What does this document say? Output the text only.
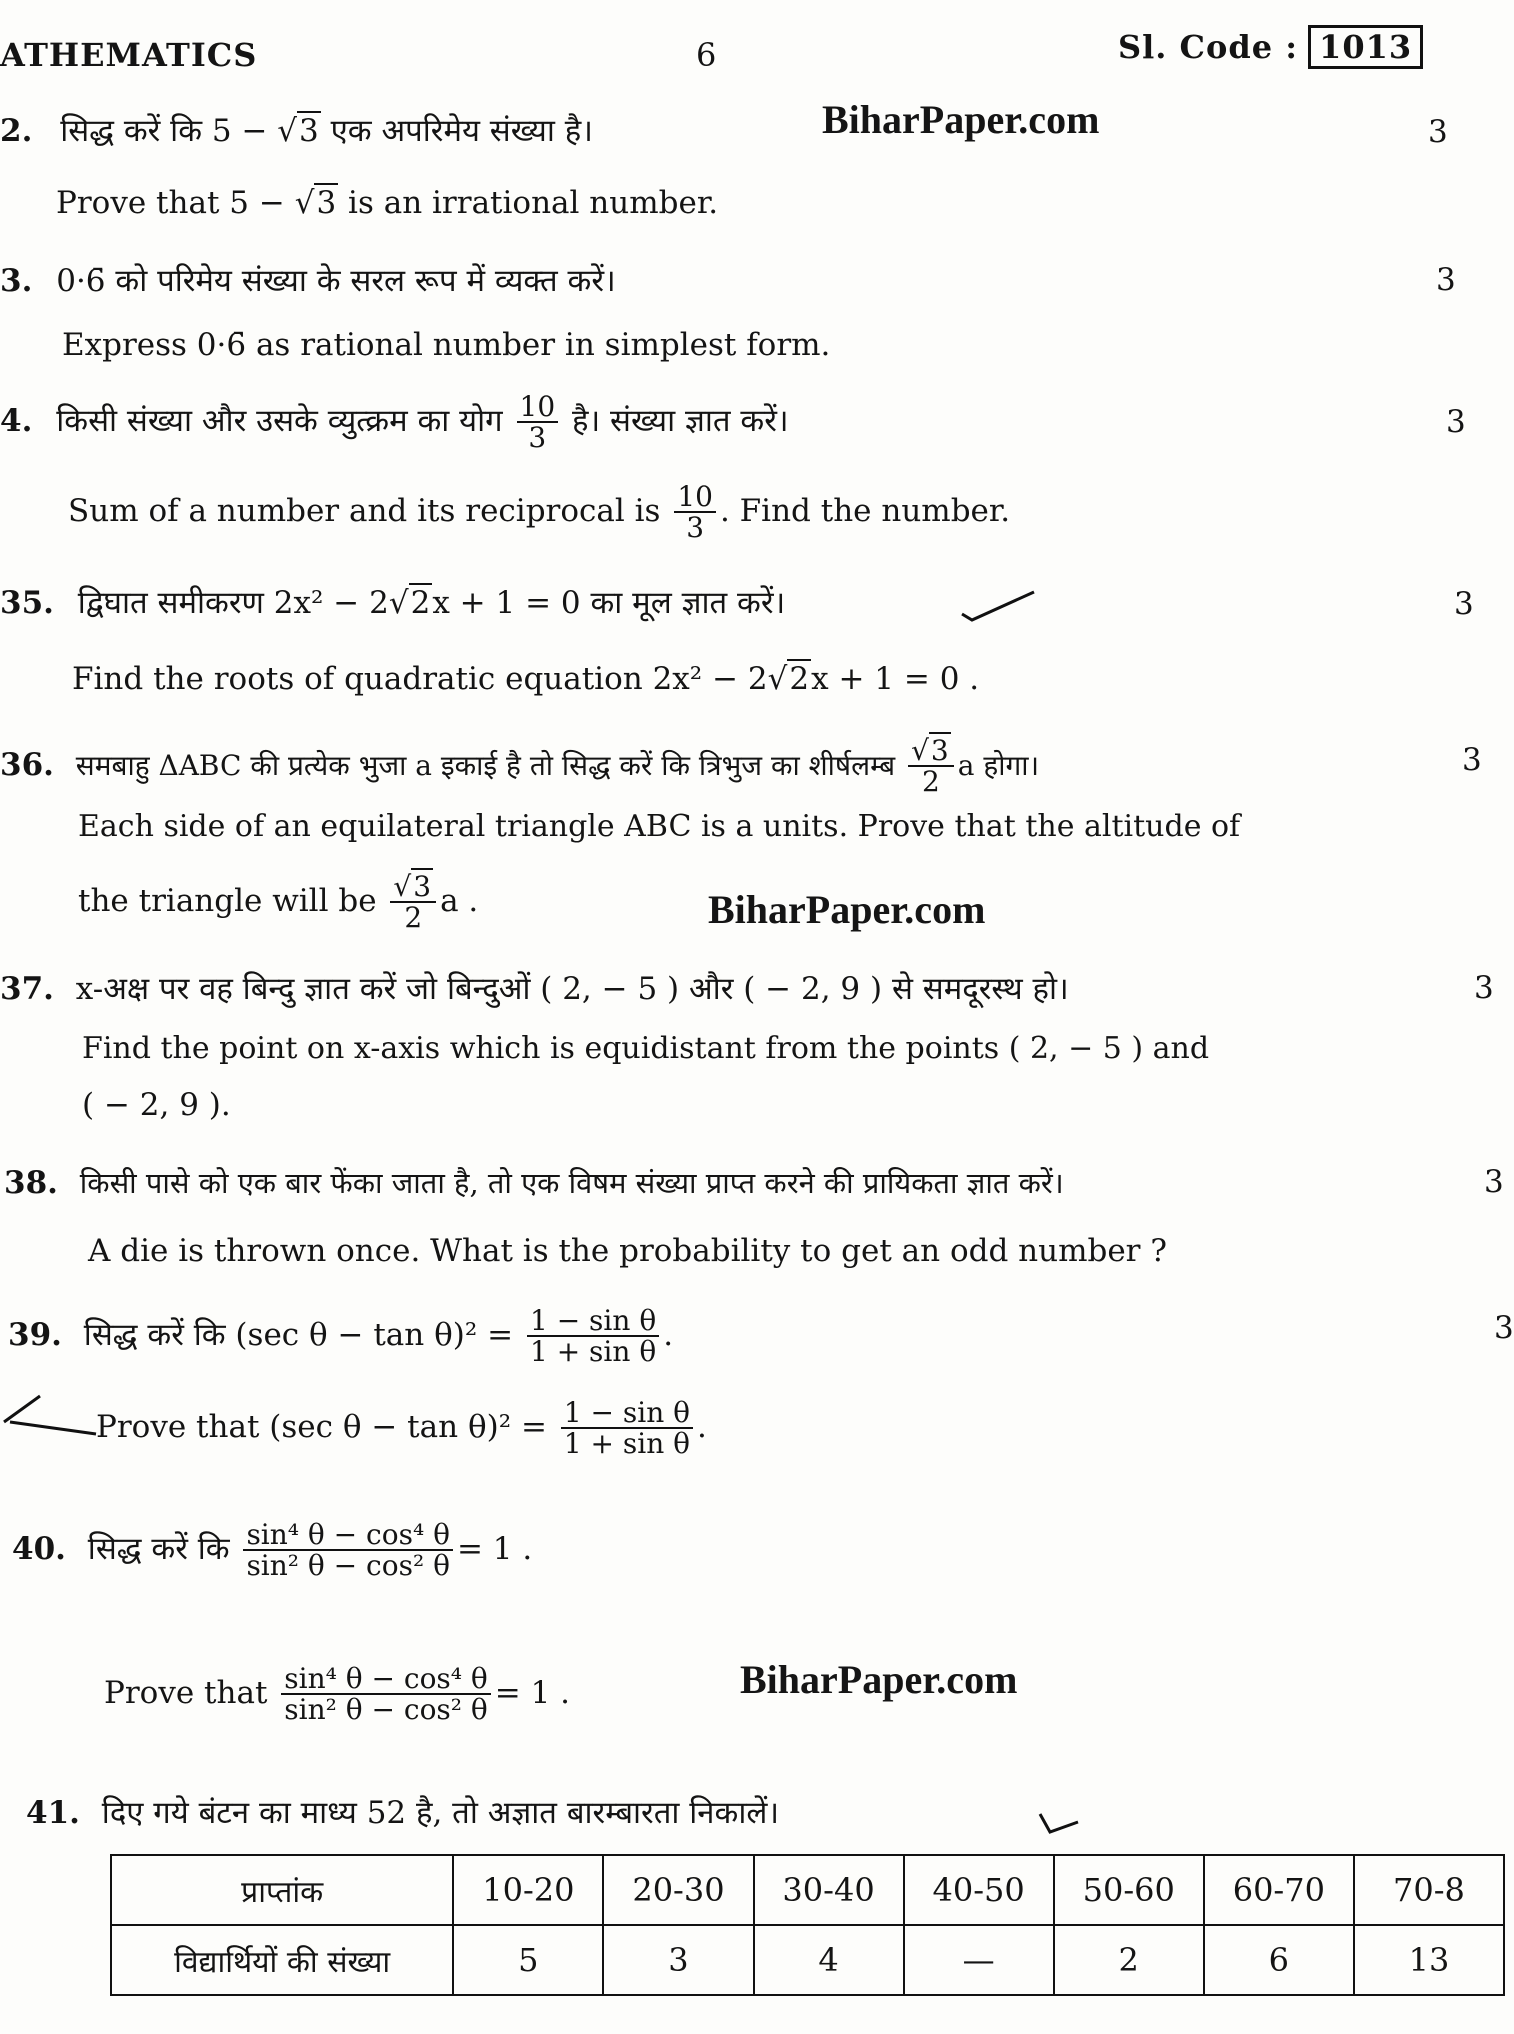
ATHEMATICS	6	Sl. Code : 1013
BiharPaper.com
BiharPaper.com
BiharPaper.com
2. सिद्ध करें कि 5 − √3 एक अपरिमेय संख्या है।	3
Prove that 5 − √3 is an irrational number.
3. 0·6̄ को परिमेय संख्या के सरल रूप में व्यक्त करें।	3
Express 0·6̄ as rational number in simplest form.
4. किसी संख्या और उसके व्युत्क्रम का योग $\frac{10}{3}$ है। संख्या ज्ञात करें।	3
Sum of a number and its reciprocal is $\frac{10}{3}$ . Find the number.
35. द्विघात समीकरण 2x² − 2√2x + 1 = 0 का मूल ज्ञात करें।	3
Find the roots of quadratic equation 2x² − 2√2x + 1 = 0 .
36. समबाहु ΔABC की प्रत्येक भुजा a इकाई है तो सिद्ध करें कि त्रिभुज का शीर्षलम्ब $\frac{√3}{2}$ a होगा।	3
Each side of an equilateral triangle ABC is a units. Prove that the altitude of
the triangle will be $\frac{√3}{2}$ a .
37. x-अक्ष पर वह बिन्दु ज्ञात करें जो बिन्दुओं ( 2, − 5 ) और ( − 2, 9 ) से समदूरस्थ हो।	3
Find the point on x-axis which is equidistant from the points ( 2, − 5 ) and
( − 2, 9 ).
38. किसी पासे को एक बार फेंका जाता है, तो एक विषम संख्या प्राप्त करने की प्रायिकता ज्ञात करें।	3
A die is thrown once. What is the probability to get an odd number ?
39. सिद्ध करें कि (sec $\theta - \tan \theta)^2 = \frac{\text{1 − sin θ}}{\text{1 + sin θ}}$ .	3
Prove that (sec $\theta - \tan \theta)^2 = \frac{\text{1 − sin θ}}{\text{1 + sin θ}}$ .
40. सिद्ध करें कि $\frac{\text{sin⁴ θ − cos⁴ θ}}{\text{sin² θ − cos² θ}} = 1$ .
Prove that $\frac{\text{sin⁴ θ − cos⁴ θ}}{\text{sin² θ − cos² θ}} = 1$ .
41. दिए गये बंटन का माध्य 52 है, तो अज्ञात बारम्बारता निकालें।
प्राप्तांक	10-20	20-30	30-40	40-50	50-60	60-70	70-8
विद्यार्थियों की संख्या	5	3	4	—	2	6	13
